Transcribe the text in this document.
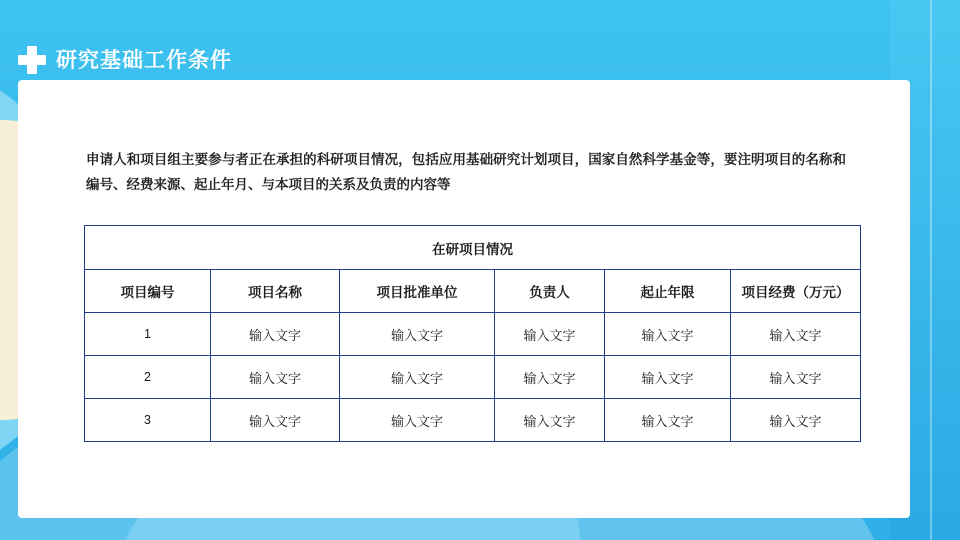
研究基础工作条件
申请人和项目组主要参与者正在承担的科研项目情况，包括应用基础研究计划项目，国家自然科学基金等，要注明项目的名称和编号、经费来源、起止年月、与本项目的关系及负责的内容等
在研项目情况					
项目编号	项目名称	项目批准单位	负责人	起止年限	项目经费（万元）
1	输入文字	输入文字	输入文字	输入文字	输入文字
2	输入文字	输入文字	输入文字	输入文字	输入文字
3	输入文字	输入文字	输入文字	输入文字	输入文字
